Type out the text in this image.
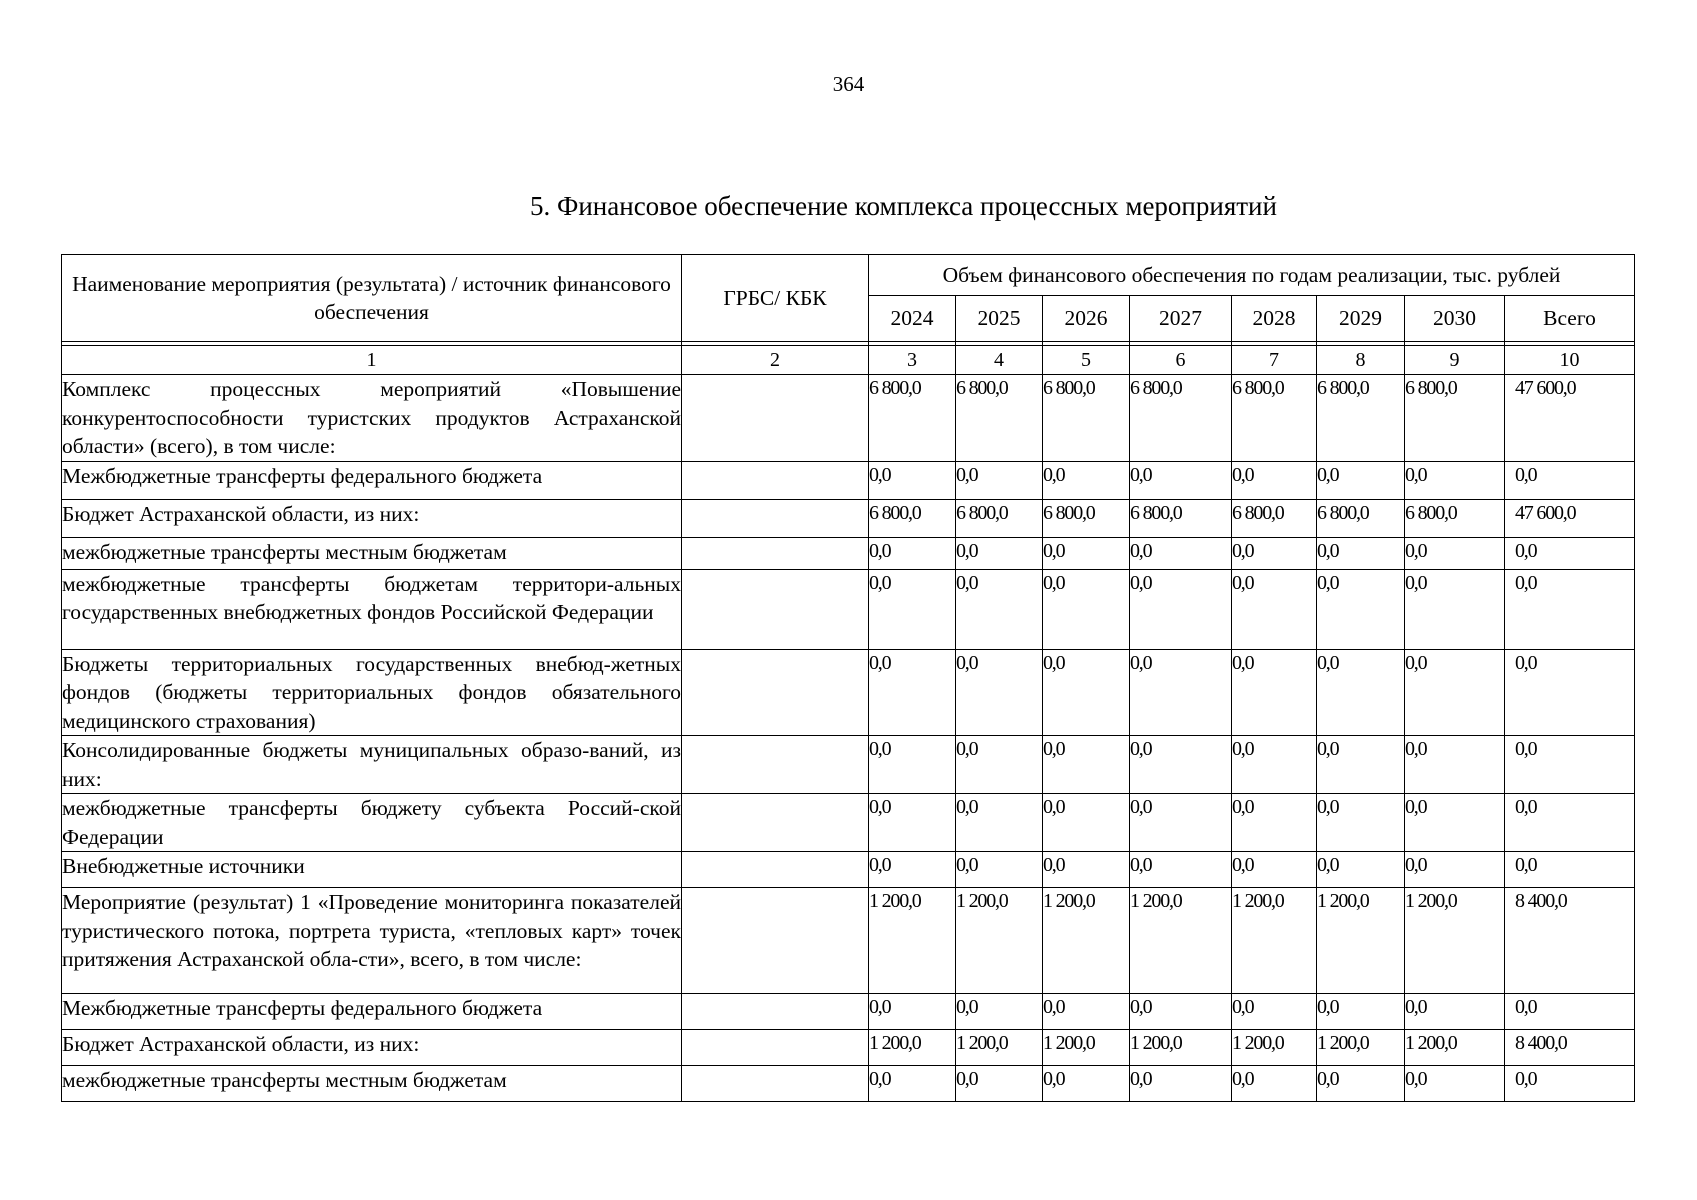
364
5. Финансовое обеспечение комплекса процессных мероприятий
Наименование мероприятия (результата) / источник финансового обеспечения	ГРБС/ КБК	Объем финансового обеспечения по годам реализации, тыс. рублей							
		2024	2025	2026	2027	2028	2029	2030	Всего

1	2	3	4	5	6	7	8	9	10
Комплекс процессных мероприятий «Повышение конкурентоспособности туристских продуктов Астраханской области» (всего), в том числе:		6 800,0	6 800,0	6 800,0	6 800,0	6 800,0	6 800,0	6 800,0	47 600,0
Межбюджетные трансферты федерального бюджета		0,0	0,0	0,0	0,0	0,0	0,0	0,0	0,0
Бюджет Астраханской области, из них:		6 800,0	6 800,0	6 800,0	6 800,0	6 800,0	6 800,0	6 800,0	47 600,0
межбюджетные трансферты местным бюджетам		0,0	0,0	0,0	0,0	0,0	0,0	0,0	0,0
межбюджетные трансферты бюджетам территори-альных государственных внебюджетных фондов Российской Федерации		0,0	0,0	0,0	0,0	0,0	0,0	0,0	0,0
Бюджеты территориальных государственных внебюд-жетных фондов (бюджеты территориальных фондов обязательного медицинского страхования)		0,0	0,0	0,0	0,0	0,0	0,0	0,0	0,0
Консолидированные бюджеты муниципальных образо-ваний, из них:		0,0	0,0	0,0	0,0	0,0	0,0	0,0	0,0
межбюджетные трансферты бюджету субъекта Россий-ской Федерации		0,0	0,0	0,0	0,0	0,0	0,0	0,0	0,0
Внебюджетные источники		0,0	0,0	0,0	0,0	0,0	0,0	0,0	0,0
Мероприятие (результат) 1 «Проведение мониторинга показателей туристического потока, портрета туриста, «тепловых карт» точек притяжения Астраханской обла-сти», всего, в том числе:		1 200,0	1 200,0	1 200,0	1 200,0	1 200,0	1 200,0	1 200,0	8 400,0
Межбюджетные трансферты федерального бюджета		0,0	0,0	0,0	0,0	0,0	0,0	0,0	0,0
Бюджет Астраханской области, из них:		1 200,0	1 200,0	1 200,0	1 200,0	1 200,0	1 200,0	1 200,0	8 400,0
межбюджетные трансферты местным бюджетам		0,0	0,0	0,0	0,0	0,0	0,0	0,0	0,0
